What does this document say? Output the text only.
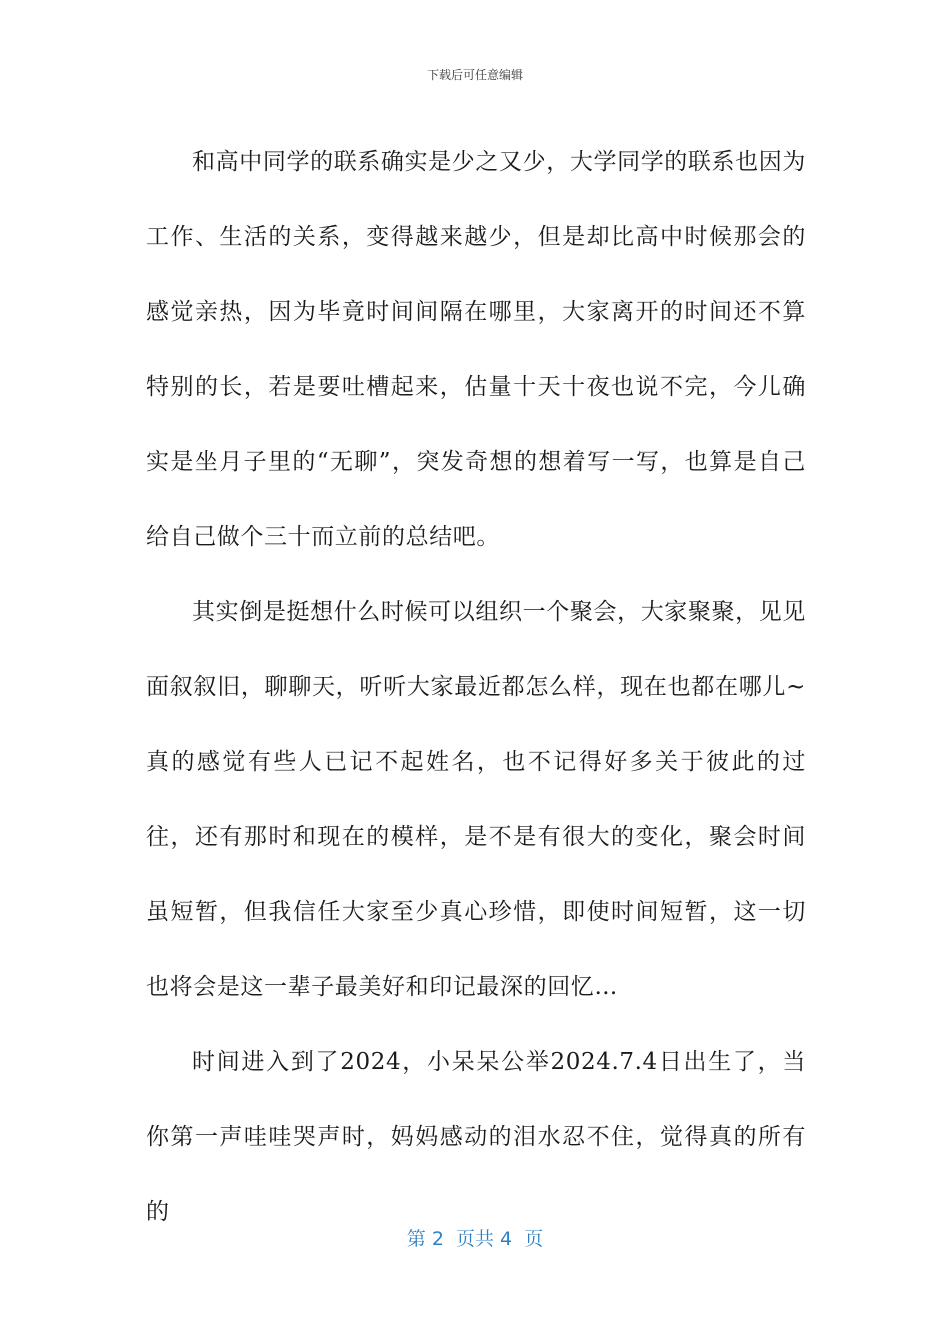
下载后可任意编辑

和高中同学的联系确实是少之又少，大学同学的联系也因为工作、生活的关系，变得越来越少，但是却比高中时候那会的感觉亲热，因为毕竟时间间隔在哪里，大家离开的时间还不算特别的长，若是要吐槽起来，估量十天十夜也说不完，今儿确实是坐月子里的“无聊”，突发奇想的想着写一写，也算是自己给自己做个三十而立前的总结吧。

其实倒是挺想什么时候可以组织一个聚会，大家聚聚，见见面叙叙旧，聊聊天，听听大家最近都怎么样，现在也都在哪儿~真的感觉有些人已记不起姓名，也不记得好多关于彼此的过往，还有那时和现在的模样，是不是有很大的变化，聚会时间虽短暂，但我信任大家至少真心珍惜，即使时间短暂，这一切也将会是这一辈子最美好和印记最深的回忆…

时间进入到了2024，小呆呆公举2024.7.4日出生了，当你第一声哇哇哭声时，妈妈感动的泪水忍不住，觉得真的所有的

第 2  页共 4  页
